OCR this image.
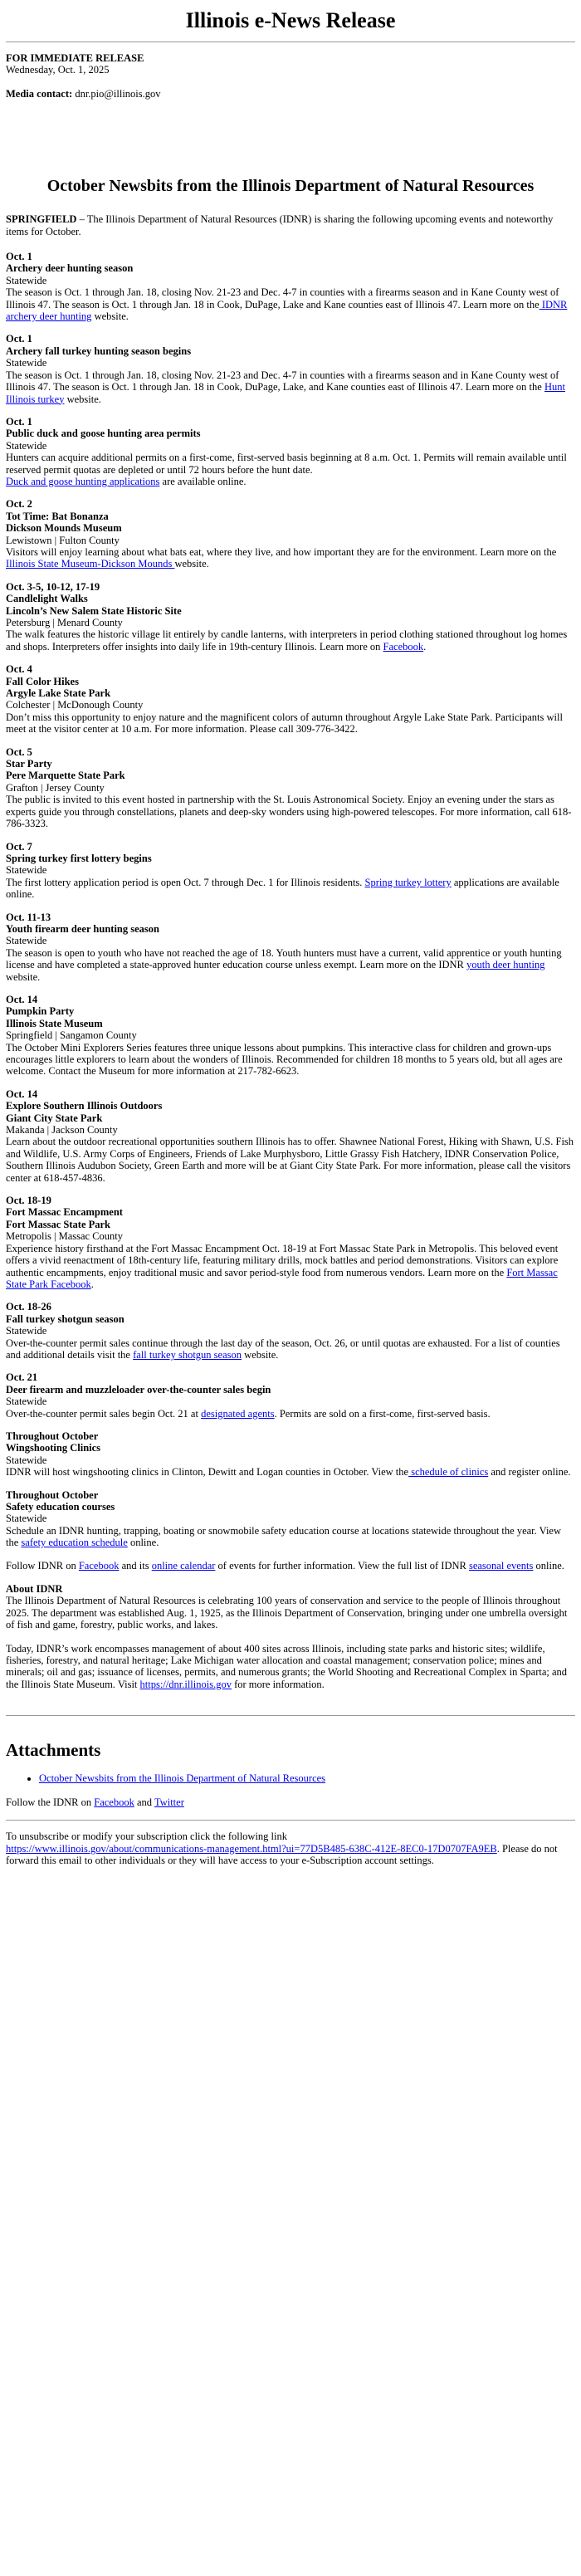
Illinois e-News Release
FOR IMMEDIATE RELEASE
Wednesday, Oct. 1, 2025
Media contact: dnr.pio@illinois.gov
October Newsbits from the Illinois Department of Natural Resources

SPRINGFIELD – The Illinois Department of Natural Resources (IDNR) is sharing the following upcoming events and noteworthy items for October.

Oct. 1
Archery deer hunting season
Statewide
The season is Oct. 1 through Jan. 18, closing Nov. 21-23 and Dec. 4-7 in counties with a firearms season and in Kane County west of Illinois 47. The season is Oct. 1 through Jan. 18 in Cook, DuPage, Lake and Kane counties east of Illinois 47. Learn more on the IDNR archery deer hunting website.
Oct. 1
Archery fall turkey hunting season begins
Statewide
The season is Oct. 1 through Jan. 18, closing Nov. 21-23 and Dec. 4-7 in counties with a firearms season and in Kane County west of Illinois 47. The season is Oct. 1 through Jan. 18 in Cook, DuPage, Lake, and Kane counties east of Illinois 47. Learn more on the Hunt Illinois turkey website.
Oct. 1
Public duck and goose hunting area permits
Statewide
Hunters can acquire additional permits on a first-come, first-served basis beginning at 8 a.m. Oct. 1. Permits will remain available until reserved permit quotas are depleted or until 72 hours before the hunt date.
Duck and goose hunting applications are available online.
Oct. 2
Tot Time: Bat Bonanza
Dickson Mounds Museum
Lewistown | Fulton County
Visitors will enjoy learning about what bats eat, where they live, and how important they are for the environment. Learn more on the Illinois State Museum-Dickson Mounds website.
Oct. 3-5, 10-12, 17-19
Candlelight Walks
Lincoln’s New Salem State Historic Site
Petersburg | Menard County
The walk features the historic village lit entirely by candle lanterns, with interpreters in period clothing stationed throughout log homes and shops. Interpreters offer insights into daily life in 19th-century Illinois. Learn more on Facebook.
Oct. 4
Fall Color Hikes
Argyle Lake State Park
Colchester | McDonough County
Don’t miss this opportunity to enjoy nature and the magnificent colors of autumn throughout Argyle Lake State Park. Participants will meet at the visitor center at 10 a.m. For more information. Please call 309-776-3422.
Oct. 5
Star Party
Pere Marquette State Park
Grafton | Jersey County
The public is invited to this event hosted in partnership with the St. Louis Astronomical Society. Enjoy an evening under the stars as experts guide you through constellations, planets and deep-sky wonders using high-powered telescopes. For more information, call 618-786-3323.
Oct. 7
Spring turkey first lottery begins
Statewide
The first lottery application period is open Oct. 7 through Dec. 1 for Illinois residents. Spring turkey lottery applications are available online.
Oct. 11-13
Youth firearm deer hunting season
Statewide
The season is open to youth who have not reached the age of 18. Youth hunters must have a current, valid apprentice or youth hunting license and have completed a state-approved hunter education course unless exempt. Learn more on the IDNR youth deer hunting website.
Oct. 14
Pumpkin Party
Illinois State Museum
Springfield | Sangamon County
The October Mini Explorers Series features three unique lessons about pumpkins. This interactive class for children and grown-ups encourages little explorers to learn about the wonders of Illinois. Recommended for children 18 months to 5 years old, but all ages are welcome. Contact the Museum for more information at 217-782-6623.
Oct. 14
Explore Southern Illinois Outdoors
Giant City State Park
Makanda | Jackson County
Learn about the outdoor recreational opportunities southern Illinois has to offer. Shawnee National Forest, Hiking with Shawn, U.S. Fish and Wildlife, U.S. Army Corps of Engineers, Friends of Lake Murphysboro, Little Grassy Fish Hatchery, IDNR Conservation Police, Southern Illinois Audubon Society, Green Earth and more will be at Giant City State Park. For more information, please call the visitors center at 618-457-4836.
Oct. 18-19
Fort Massac Encampment
Fort Massac State Park
Metropolis | Massac County
Experience history firsthand at the Fort Massac Encampment Oct. 18-19 at Fort Massac State Park in Metropolis. This beloved event offers a vivid reenactment of 18th-century life, featuring military drills, mock battles and period demonstrations. Visitors can explore authentic encampments, enjoy traditional music and savor period-style food from numerous vendors. Learn more on the Fort Massac State Park Facebook.
Oct. 18-26
Fall turkey shotgun season
Statewide
Over-the-counter permit sales continue through the last day of the season, Oct. 26, or until quotas are exhausted. For a list of counties and additional details visit the fall turkey shotgun season website.
Oct. 21
Deer firearm and muzzleloader over-the-counter sales begin
Statewide
Over-the-counter permit sales begin Oct. 21 at designated agents. Permits are sold on a first-come, first-served basis.
Throughout October
Wingshooting Clinics
Statewide
IDNR will host wingshooting clinics in Clinton, Dewitt and Logan counties in October. View the schedule of clinics and register online.
Throughout October
Safety education courses
Statewide
Schedule an IDNR hunting, trapping, boating or snowmobile safety education course at locations statewide throughout the year. View the safety education schedule online.

Follow IDNR on Facebook and its online calendar of events for further information. View the full list of IDNR seasonal events online.

About IDNR

The Illinois Department of Natural Resources is celebrating 100 years of conservation and service to the people of Illinois throughout 2025. The department was established Aug. 1, 1925, as the Illinois Department of Conservation, bringing under one umbrella oversight of fish and game, forestry, public works, and lakes.

Today, IDNR’s work encompasses management of about 400 sites across Illinois, including state parks and historic sites; wildlife, fisheries, forestry, and natural heritage; Lake Michigan water allocation and coastal management; conservation police; mines and minerals; oil and gas; issuance of licenses, permits, and numerous grants; the World Shooting and Recreational Complex in Sparta; and the Illinois State Museum. Visit https://dnr.illinois.gov for more information.

Attachments
• October Newsbits from the Illinois Department of Natural Resources

Follow the IDNR on Facebook and Twitter

To unsubscribe or modify your subscription click the following link
https://www.illinois.gov/about/communications-management.html?ui=77D5B485-638C-412E-8EC0-17D0707FA9EB. Please do not forward this email to other individuals or they will have access to your e-Subscription account settings.
